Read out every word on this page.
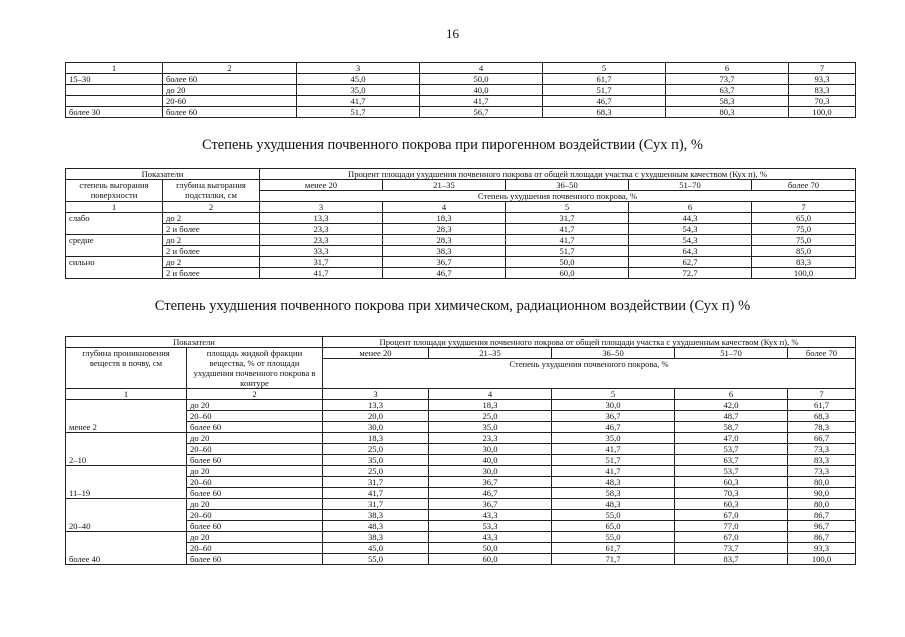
16
1	2	3	4	5	6	7
15–30	более 60	45,0	50,0	61,7	73,7	93,3
	до 20	35,0	40,0	51,7	63,7	83,3
	20-60	41,7	41,7	46,7	58,3	70,3
более 30	более 60	51,7	56,7	68,3	80,3	100,0
Степень ухудшения почвенного покрова при пирогенном воздействии (Сух п), %
Показатели		Процент площади ухудшения почвенного покрова от общей площади участка с ухудшенным качеством (Кух п), %				
степень выгорания поверхности	глубина выгорания подстилки, см	менее 20	21–35	36–50	51–70	более 70
		Степень ухудшения почвенного покрова, %				
1	2	3	4	5	6	7
слабо	до 2	13,3	18,3	31,7	44,3	65,0
	2 и более	23,3	28,3	41,7	54,3	75,0
средне	до 2	23,3	28,3	41,7	54,3	75,0
	2 и более	33,3	38,3	51,7	64,3	85,0
сильно	до 2	31,7	36,7	50,0	62,7	83,3
	2 и более	41,7	46,7	60,0	72,7	100,0
Степень ухудшения почвенного покрова при химическом, радиационном воздействии (Сух п) %
Показатели		Процент площади ухудшения почвенного покрова от общей площади участка с ухудшенным качеством (Кух п), %				
глубина проникновения веществ в почву, см	площадь жидкой фракции вещества, % от площади ухудшения почвенного покрова в контуре	менее 20	21–35	36–50	51–70	более 70
		Степень ухудшения почвенного покрова, %				
1	2	3	4	5	6	7
менее 2	до 20	13,3	18,3	30,0	42,0	61,7
	20–60	20,0	25,0	36,7	48,7	68,3
	более 60	30,0	35,0	46,7	58,7	78,3
2–10	до 20	18,3	23,3	35,0	47,0	66,7
	20–60	25,0	30,0	41,7	53,7	73,3
	более 60	35,0	40,0	51,7	63,7	83,3
11–19	до 20	25,0	30,0	41,7	53,7	73,3
	20–60	31,7	36,7	48,3	60,3	80,0
	более 60	41,7	46,7	58,3	70,3	90,0
20–40	до 20	31,7	36,7	48,3	60,3	80,0
	20–60	38,3	43,3	55,0	67,0	86,7
	более 60	48,3	53,3	65,0	77,0	96,7
более 40	до 20	38,3	43,3	55,0	67,0	86,7
	20–60	45,0	50,0	61,7	73,7	93,3
	более 60	55,0	60,0	71,7	83,7	100,0
